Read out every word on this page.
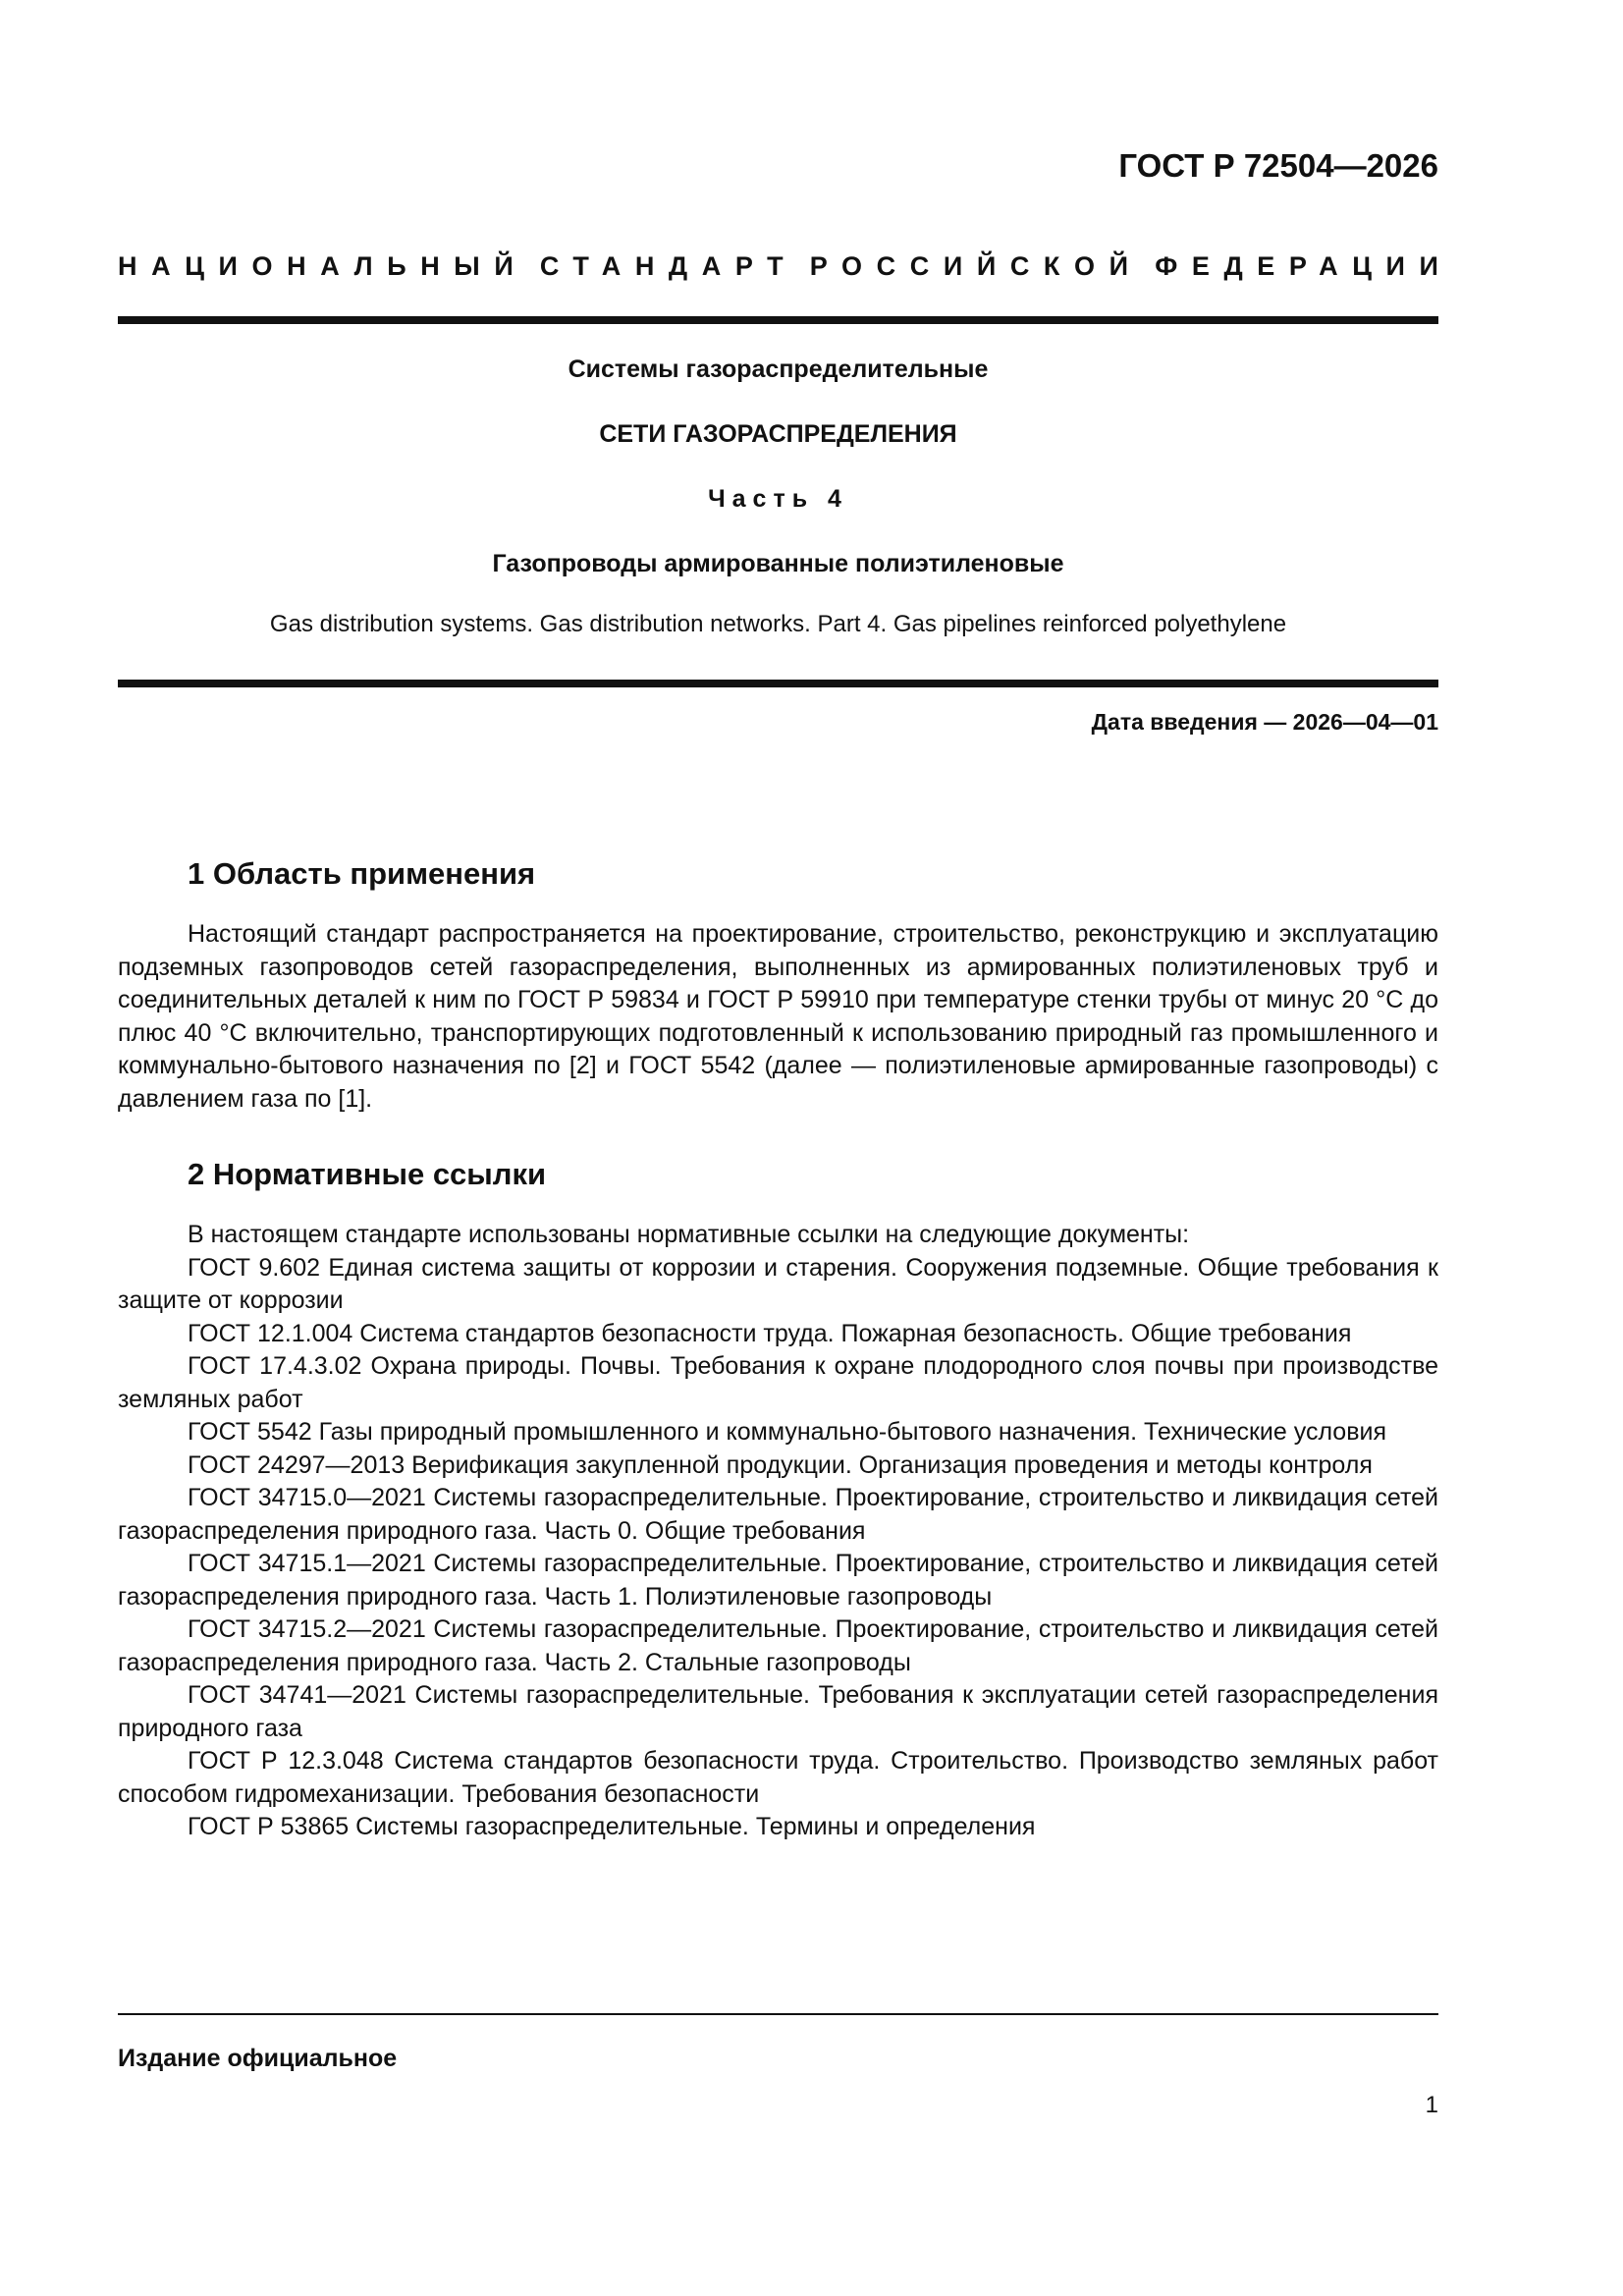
ГОСТ Р 72504—2026
НАЦИОНАЛЬНЫЙ СТАНДАРТ РОССИЙСКОЙ ФЕДЕРАЦИИ
Системы газораспределительные
СЕТИ ГАЗОРАСПРЕДЕЛЕНИЯ
Часть 4
Газопроводы армированные полиэтиленовые
Gas distribution systems. Gas distribution networks. Part 4. Gas pipelines reinforced polyethylene
Дата введения — 2026—04—01
1 Область применения

Настоящий стандарт распространяется на проектирование, строительство, реконструкцию и эксплуатацию подземных газопроводов сетей газораспределения, выполненных из армированных полиэтиленовых труб и соединительных деталей к ним по ГОСТ Р 59834 и ГОСТ Р 59910 при температуре стенки трубы от минус 20 °С до плюс 40 °С включительно, транспортирующих подготовленный к использованию природный газ промышленного и коммунально-бытового назначения по [2] и ГОСТ 5542 (далее — полиэтиленовые армированные газопроводы) с давлением газа по [1].

2 Нормативные ссылки

В настоящем стандарте использованы нормативные ссылки на следующие документы:

ГОСТ 9.602 Единая система защиты от коррозии и старения. Сооружения подземные. Общие требования к защите от коррозии

ГОСТ 12.1.004 Система стандартов безопасности труда. Пожарная безопасность. Общие требования

ГОСТ 17.4.3.02 Охрана природы. Почвы. Требования к охране плодородного слоя почвы при производстве земляных работ

ГОСТ 5542 Газы природный промышленного и коммунально-бытового назначения. Технические условия

ГОСТ 24297—2013 Верификация закупленной продукции. Организация проведения и методы контроля

ГОСТ 34715.0—2021 Системы газораспределительные. Проектирование, строительство и ликвидация сетей газораспределения природного газа. Часть 0. Общие требования

ГОСТ 34715.1—2021 Системы газораспределительные. Проектирование, строительство и ликвидация сетей газораспределения природного газа. Часть 1. Полиэтиленовые газопроводы

ГОСТ 34715.2—2021 Системы газораспределительные. Проектирование, строительство и ликвидация сетей газораспределения природного газа. Часть 2. Стальные газопроводы

ГОСТ 34741—2021 Системы газораспределительные. Требования к эксплуатации сетей газораспределения природного газа

ГОСТ Р 12.3.048 Система стандартов безопасности труда. Строительство. Производство земляных работ способом гидромеханизации. Требования безопасности

ГОСТ Р 53865 Системы газораспределительные. Термины и определения

Издание официальное
1
